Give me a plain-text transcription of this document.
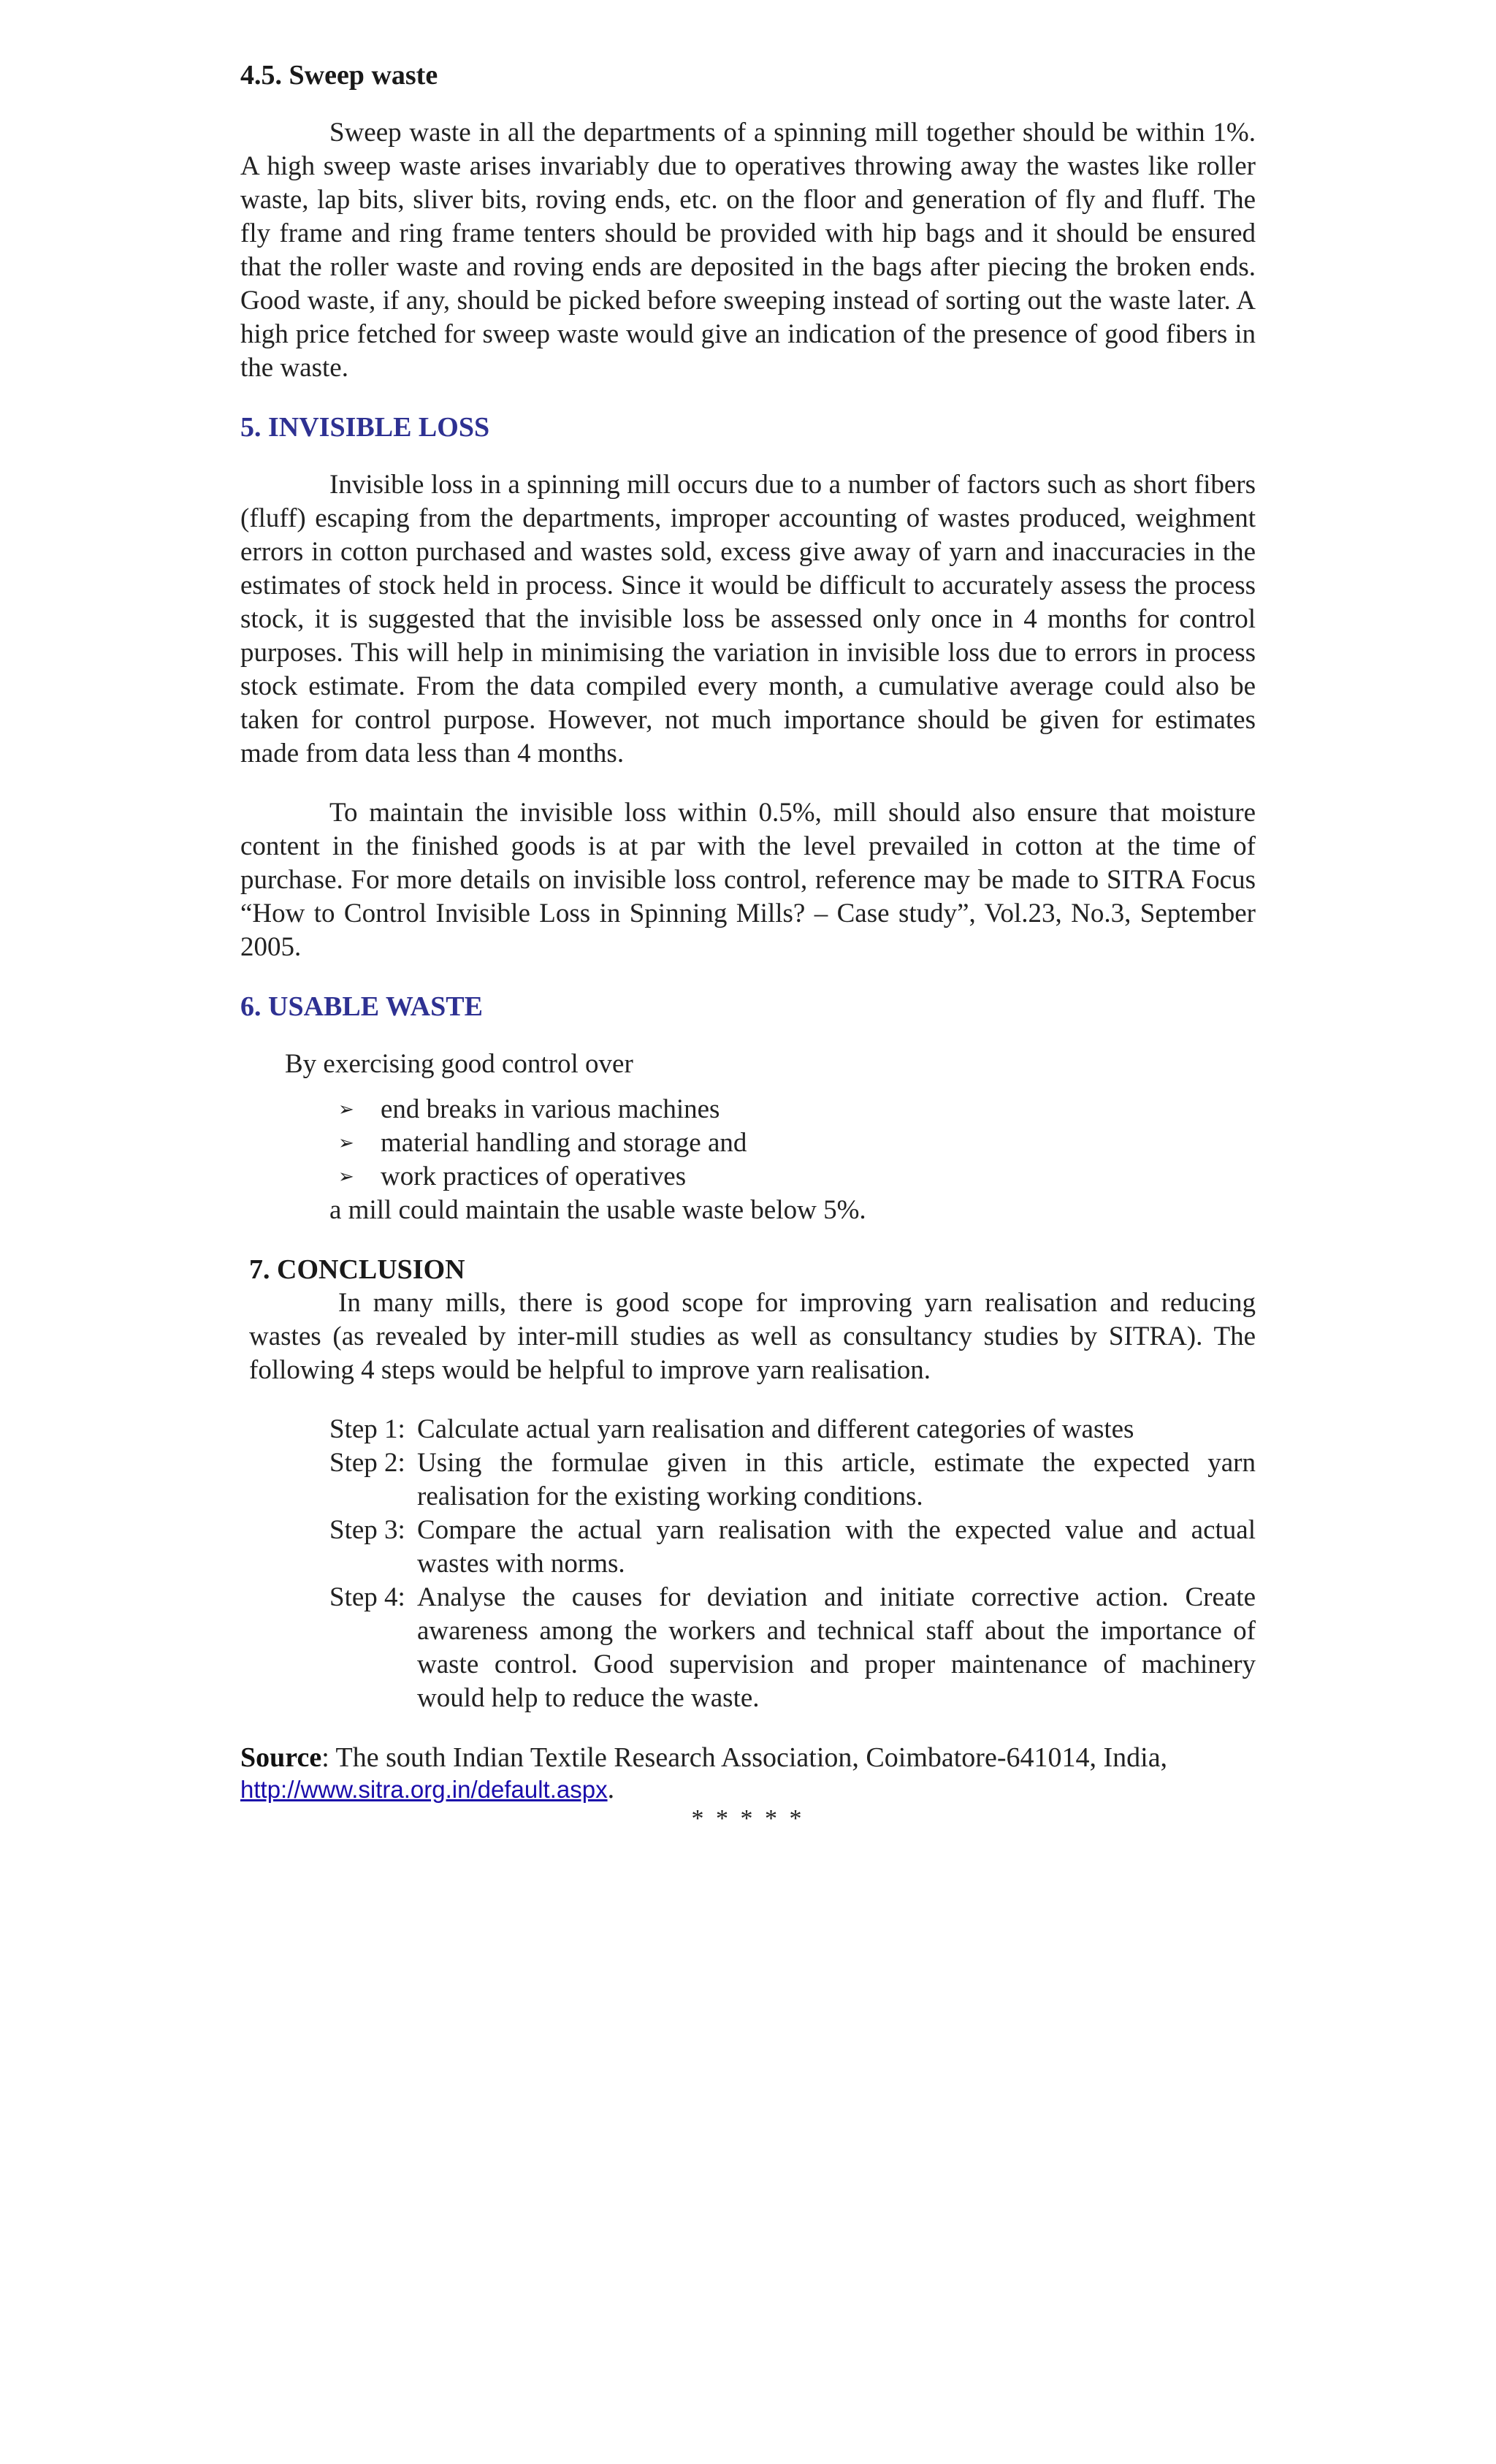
4.5. Sweep waste

Sweep waste in all the departments of a spinning mill together should be within 1%. A high sweep waste arises invariably due to operatives throwing away the wastes like roller waste, lap bits, sliver bits, roving ends, etc. on the floor and generation of fly and fluff. The fly frame and ring frame tenters should be provided with hip bags and it should be ensured that the roller waste and roving ends are deposited in the bags after piecing the broken ends. Good waste, if any, should be picked before sweeping instead of sorting out the waste later. A high price fetched for sweep waste would give an indication of the presence of good fibers in the waste.

5. INVISIBLE LOSS

Invisible loss in a spinning mill occurs due to a number of factors such as short fibers (fluff) escaping from the departments, improper accounting of wastes produced, weighment errors in cotton purchased and wastes sold, excess give away of yarn and inaccuracies in the estimates of stock held in process. Since it would be difficult to accurately assess the process stock, it is suggested that the invisible loss be assessed only once in 4 months for control purposes. This will help in minimising the variation in invisible loss due to errors in process stock estimate. From the data compiled every month, a cumulative average could also be taken for control purpose. However, not much importance should be given for estimates made from data less than 4 months.

To maintain the invisible loss within 0.5%, mill should also ensure that moisture content in the finished goods is at par with the level prevailed in cotton at the time of purchase. For more details on invisible loss control, reference may be made to SITRA Focus “How to Control Invisible Loss in Spinning Mills? – Case study”, Vol.23, No.3, September 2005.

6. USABLE WASTE

By exercising good control over

➢ end breaks in various machines
➢ material handling and storage and
➢ work practices of operatives

a mill could maintain the usable waste below 5%.

7. CONCLUSION

In many mills, there is good scope for improving yarn realisation and reducing wastes (as revealed by inter-mill studies as well as consultancy studies by SITRA). The following 4 steps would be helpful to improve yarn realisation.

Step 1: Calculate actual yarn realisation and different categories of wastes
Step 2: Using the formulae given in this article, estimate the expected yarn realisation for the existing working conditions.
Step 3: Compare the actual yarn realisation with the expected value and actual wastes with norms.
Step 4: Analyse the causes for deviation and initiate corrective action. Create awareness among the workers and technical staff about the importance of waste control. Good supervision and proper maintenance of machinery would help to reduce the waste.

Source: The south Indian Textile Research Association, Coimbatore-641014, India,

http://www.sitra.org.in/default.aspx.

* * * * *
